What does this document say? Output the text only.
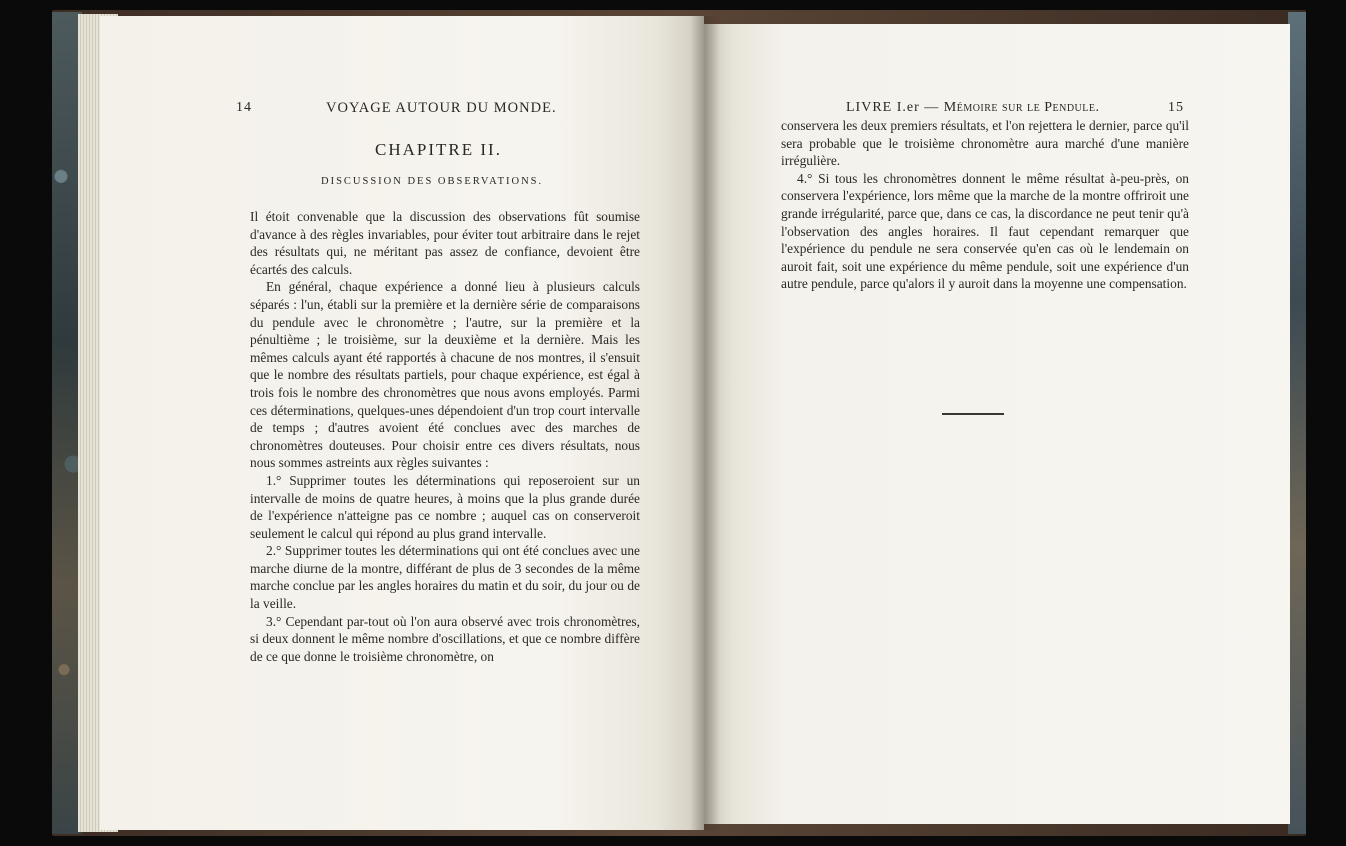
14	VOYAGE AUTOUR DU MONDE.
CHAPITRE II.
DISCUSSION DES OBSERVATIONS.

Il étoit convenable que la discussion des observations fût soumise d'avance à des règles invariables, pour éviter tout arbitraire dans le rejet des résultats qui, ne méritant pas assez de confiance, devoient être écartés des calculs.

En général, chaque expérience a donné lieu à plusieurs calculs séparés : l'un, établi sur la première et la dernière série de comparaisons du pendule avec le chronomètre ; l'autre, sur la première et la pénultième ; le troisième, sur la deuxième et la dernière. Mais les mêmes calculs ayant été rapportés à chacune de nos montres, il s'ensuit que le nombre des résultats partiels, pour chaque expérience, est égal à trois fois le nombre des chronomètres que nous avons employés. Parmi ces déterminations, quelques-unes dépendoient d'un trop court intervalle de temps ; d'autres avoient été conclues avec des marches de chronomètres douteuses. Pour choisir entre ces divers résultats, nous nous sommes astreints aux règles suivantes :

1.° Supprimer toutes les déterminations qui reposeroient sur un intervalle de moins de quatre heures, à moins que la plus grande durée de l'expérience n'atteigne pas ce nombre ; auquel cas on conserveroit seulement le calcul qui répond au plus grand intervalle.

2.° Supprimer toutes les déterminations qui ont été conclues avec une marche diurne de la montre, différant de plus de 3 secondes de la même marche conclue par les angles horaires du matin et du soir, du jour ou de la veille.

3.° Cependant par-tout où l'on aura observé avec trois chronomètres, si deux donnent le même nombre d'oscillations, et que ce nombre diffère de ce que donne le troisième chronomètre, on

LIVRE I.er — Mémoire sur le Pendule.	15

conservera les deux premiers résultats, et l'on rejettera le dernier, parce qu'il sera probable que le troisième chronomètre aura marché d'une manière irrégulière.

4.° Si tous les chronomètres donnent le même résultat à-peu-près, on conservera l'expérience, lors même que la marche de la montre offriroit une grande irrégularité, parce que, dans ce cas, la discordance ne peut tenir qu'à l'observation des angles horaires. Il faut cependant remarquer que l'expérience du pendule ne sera conservée qu'en cas où le lendemain on auroit fait, soit une expérience du même pendule, soit une expérience d'un autre pendule, parce qu'alors il y auroit dans la moyenne une compensation.
